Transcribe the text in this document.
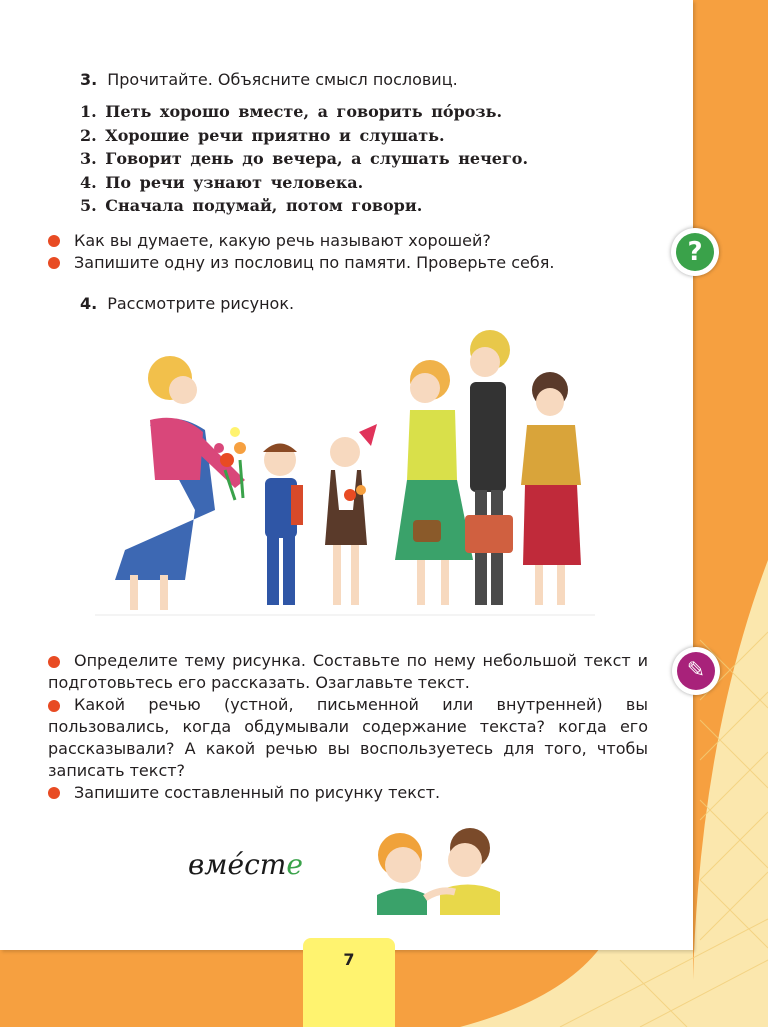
3. Прочитайте. Объясните смысл пословиц.
1. Петь хорошо вместе, а говорить по́розь.
2. Хорошие речи приятно и слушать.
3. Говорит день до вечера, а слушать нечего.
4. По речи узнают человека.
5. Сначала подумай, потом говори.
Как вы думаете, какую речь называют хорошей?
Запишите одну из пословиц по памяти. Проверьте себя.	?
4. Рассмотрите рисунок.

Определите тему рисунка. Составьте по нему небольшой текст и подготовьтесь его рассказать. Озаглавьте текст.

Какой речью (устной, письменной или внутренней) вы пользовались, когда обдумывали содержание текста? когда его рассказывали? А какой речью вы воспользуетесь для того, чтобы записать текст?

Запишите составленный по рисунку текст.
✎
вме́сте
7
